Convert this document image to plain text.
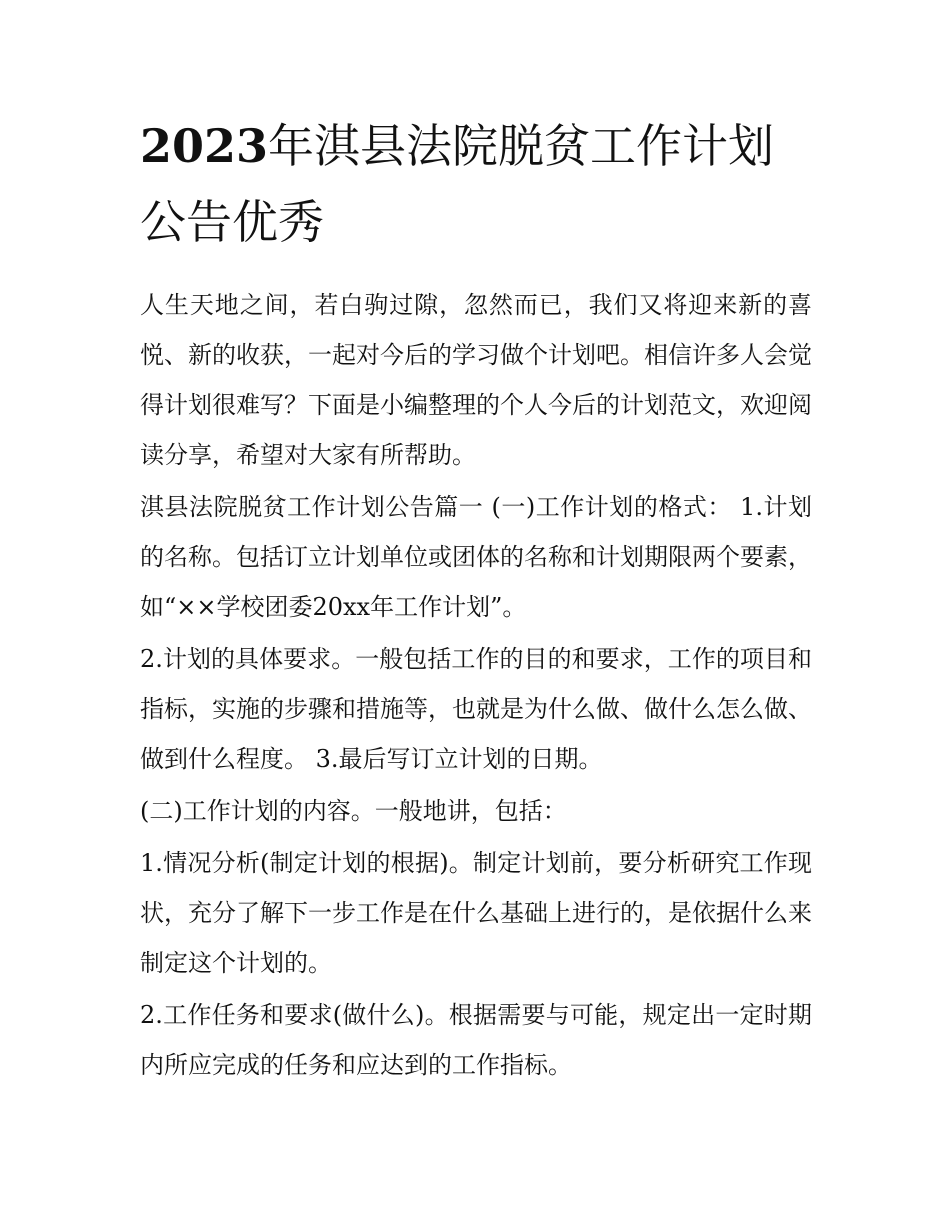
2023年淇县法院脱贫工作计划公告优秀

人生天地之间，若白驹过隙，忽然而已，我们又将迎来新的喜悦、新的收获，一起对今后的学习做个计划吧。相信许多人会觉得计划很难写？下面是小编整理的个人今后的计划范文，欢迎阅读分享，希望对大家有所帮助。

淇县法院脱贫工作计划公告篇一 (一)工作计划的格式： 1.计划的名称。包括订立计划单位或团体的名称和计划期限两个要素，如“××学校团委20xx年工作计划”。

2.计划的具体要求。一般包括工作的目的和要求，工作的项目和指标，实施的步骤和措施等，也就是为什么做、做什么怎么做、做到什么程度。 3.最后写订立计划的日期。

(二)工作计划的内容。一般地讲，包括：

1.情况分析(制定计划的根据)。制定计划前，要分析研究工作现状，充分了解下一步工作是在什么基础上进行的，是依据什么来制定这个计划的。

2.工作任务和要求(做什么)。根据需要与可能，规定出一定时期内所应完成的任务和应达到的工作指标。
